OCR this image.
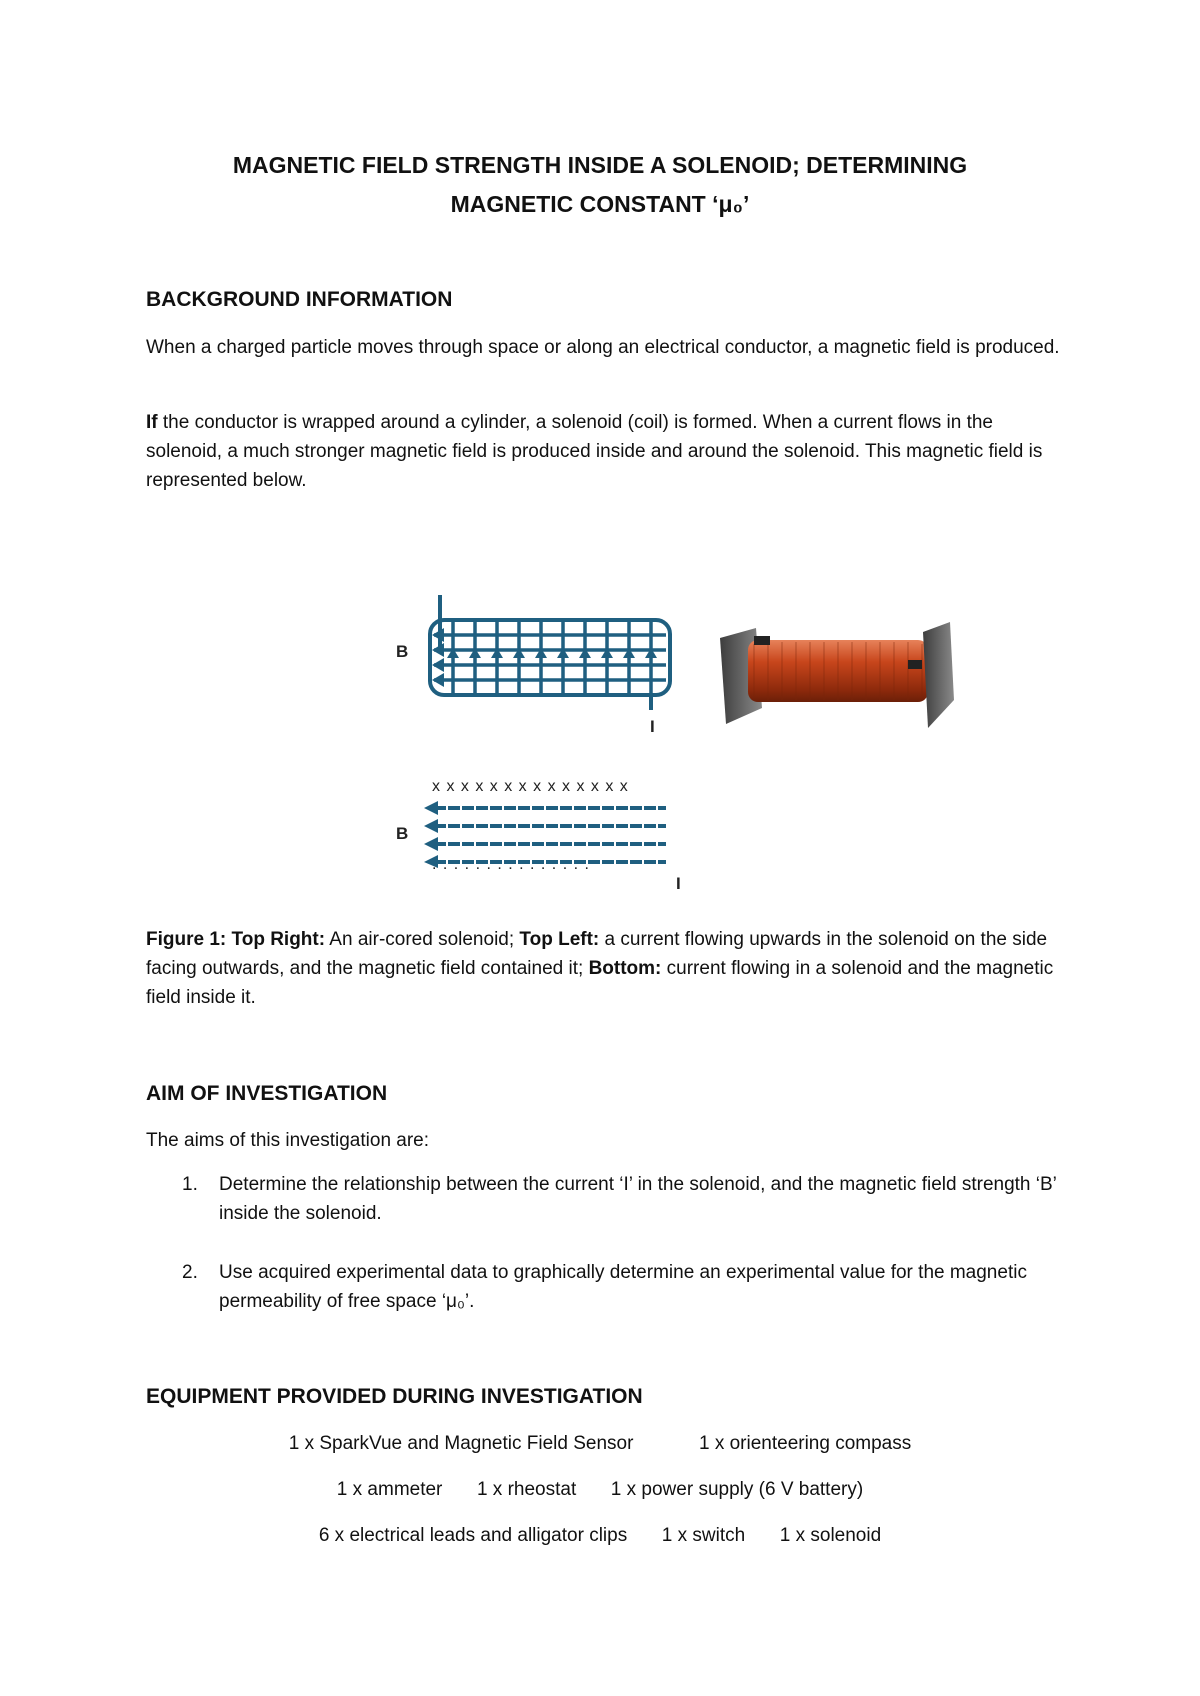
MAGNETIC FIELD STRENGTH INSIDE A SOLENOID; DETERMINING
MAGNETIC CONSTANT ‘μ₀’
BACKGROUND INFORMATION

When a charged particle moves through space or along an electrical conductor, a magnetic field is produced.

If the conductor is wrapped around a cylinder, a solenoid (coil) is formed. When a current flows in the solenoid, a much stronger magnetic field is produced inside and around the solenoid. This magnetic field is represented below.

B
I
x x x x x x x x x x x x x x
. . . . . . . . . . . . . . .
B
I

Figure 1: Top Right: An air-cored solenoid; Top Left: a current flowing upwards in the solenoid on the side facing outwards, and the magnetic field contained it; Bottom: current flowing in a solenoid and the magnetic field inside it.

AIM OF INVESTIGATION

The aims of this investigation are:

1. Determine the relationship between the current ‘I’ in the solenoid, and the magnetic field strength ‘B’ inside the solenoid.
2. Use acquired experimental data to graphically determine an experimental value for the magnetic permeability of free space ‘μ₀’.
EQUIPMENT PROVIDED DURING INVESTIGATION
1 x SparkVue and Magnetic Field Sensor	1 x orienteering compass
1 x ammeter 1 x rheostat 1 x power supply (6 V battery)
6 x electrical leads and alligator clips 1 x switch 1 x solenoid
